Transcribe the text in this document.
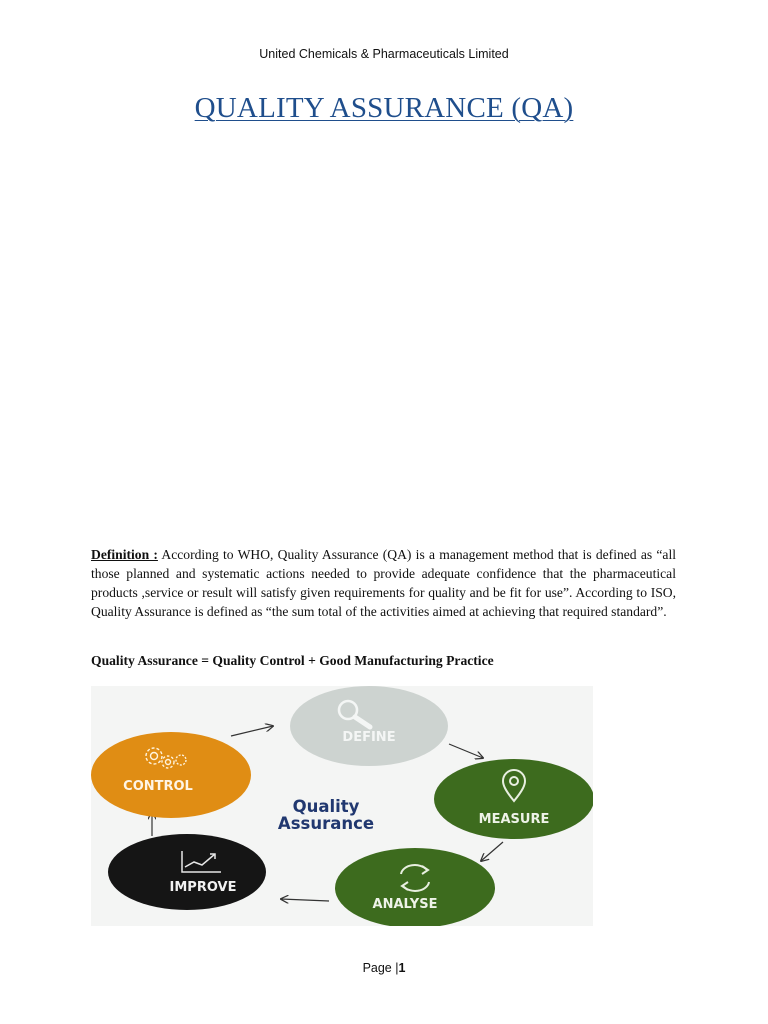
United Chemicals & Pharmaceuticals Limited
QUALITY ASSURANCE (QA)

Definition : According to WHO, Quality Assurance (QA) is a management method that is defined as “all those planned and systematic actions needed to provide adequate confidence that the pharmaceutical products ,service or result will satisfy given requirements for quality and be fit for use”. According to ISO, Quality Assurance is defined as “the sum total of the activities aimed at achieving that required standard”.

Quality Assurance = Quality Control + Good Manufacturing Practice
DEFINE
CONTROL
MEASURE
ANALYSE
IMPROVE
Quality
Assurance
Page |1
